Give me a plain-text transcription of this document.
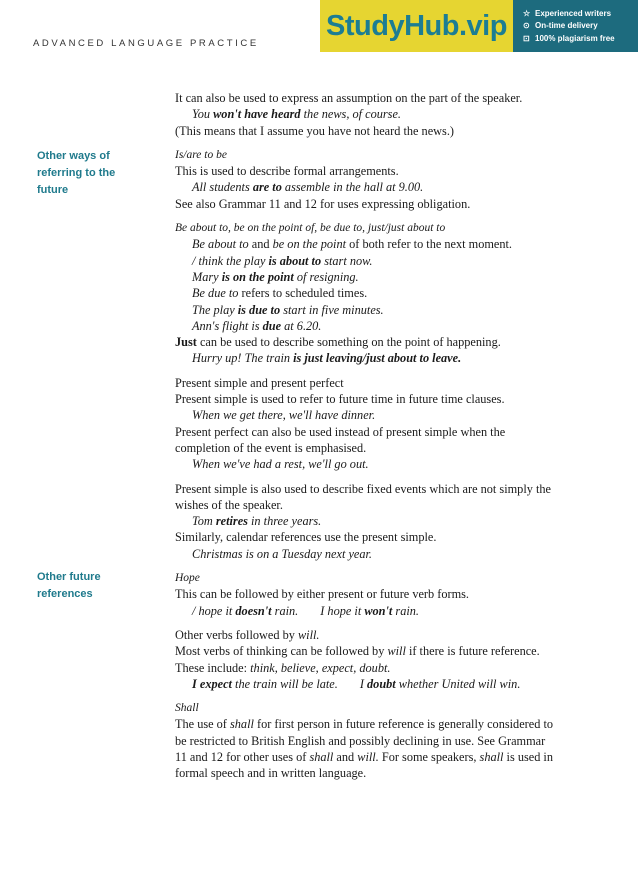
ADVANCED LANGUAGE PRACTICE
StudyHub.vip	☆ Experienced writers
⊙ On-time delivery
⊡ 100% plagiarism free
Other ways of
referring to the
future
Other future
references

It can also be used to express an assumption on the part of the speaker.

You won't have heard the news, of course.

(This means that I assume you have not heard the news.)

Is/are to be

This is used to describe formal arrangements.

All students are to assemble in the hall at 9.00.

See also Grammar 11 and 12 for uses expressing obligation.

Be about to, be on the point of, be due to, just/just about to

Be about to and be on the point of both refer to the next moment.

/ think the play is about to start now.

Mary is on the point of resigning.

Be due to refers to scheduled times.

The play is due to start in five minutes.

Ann's flight is due at 6.20.

Just can be used to describe something on the point of happening.

Hurry up! The train is just leaving/just about to leave.

Present simple and present perfect

Present simple is used to refer to future time in future time clauses.

When we get there, we'll have dinner.

Present perfect can also be used instead of present simple when the

completion of the event is emphasised.

When we've had a rest, we'll go out.

Present simple is also used to describe fixed events which are not simply the

wishes of the speaker.

Tom retires in three years.

Similarly, calendar references use the present simple.

Christmas is on a Tuesday next year.

Hope

This can be followed by either present or future verb forms.

/ hope it doesn't rain. I hope it won't rain.

Other verbs followed by will.

Most verbs of thinking can be followed by will if there is future reference.

These include: think, believe, expect, doubt.

I expect the train will be late. I doubt whether United will win.

Shall

The use of shall for first person in future reference is generally considered to

be restricted to British English and possibly declining in use. See Grammar

11 and 12 for other uses of shall and will. For some speakers, shall is used in

formal speech and in written language.
